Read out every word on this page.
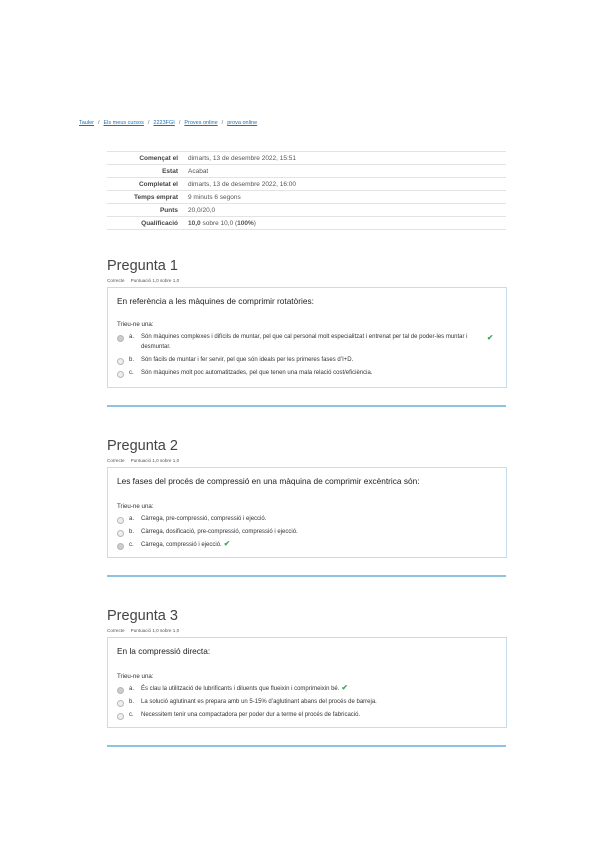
Tauler / Els meus cursos / 2223FGI / Proves online / prova online
Començat el	dimarts, 13 de desembre 2022, 15:51
Estat	Acabat
Completat el	dimarts, 13 de desembre 2022, 16:00
Temps emprat	9 minuts 6 segons
Punts	20,0/20,0
Qualificació	10,0 sobre 10,0 (100%)
Pregunta 1
Correcte Puntuació 1,0 sobre 1,0
En referència a les màquines de comprimir rotatòries:
Trieu-ne una:
a.	Són màquines complexes i difícils de muntar, pel que cal personal molt especialitzat i entrenat per tal de poder-les muntar i desmuntar.
✔
b.	Són fàcils de muntar i fer servir, pel que són ideals per les primeres fases d’I+D.
c.	Són màquines molt poc automatitzades, pel que tenen una mala relació cost/eficiència.
Pregunta 2
Correcte Puntuació 1,0 sobre 1,0
Les fases del procés de compressió en una màquina de comprimir excèntrica són:
Trieu-ne una:
a.	Càrrega, pre-compressió, compressió i ejecció.
b.	Càrrega, dosificació, pre-compressió, compressió i ejecció.
c.	Càrrega, compressió i ejecció. ✔
Pregunta 3
Correcte Puntuació 1,0 sobre 1,0
En la compressió directa:
Trieu-ne una:
a.	És clau la utilització de lubrificants i diluents que flueixin i comprimeixin bé. ✔
b.	La solució aglutinant es prepara amb un 5-15% d’aglutinant abans del procés de barreja.
c.	Necessitem tenir una compactadora per poder dur a terme el procés de fabricació.
